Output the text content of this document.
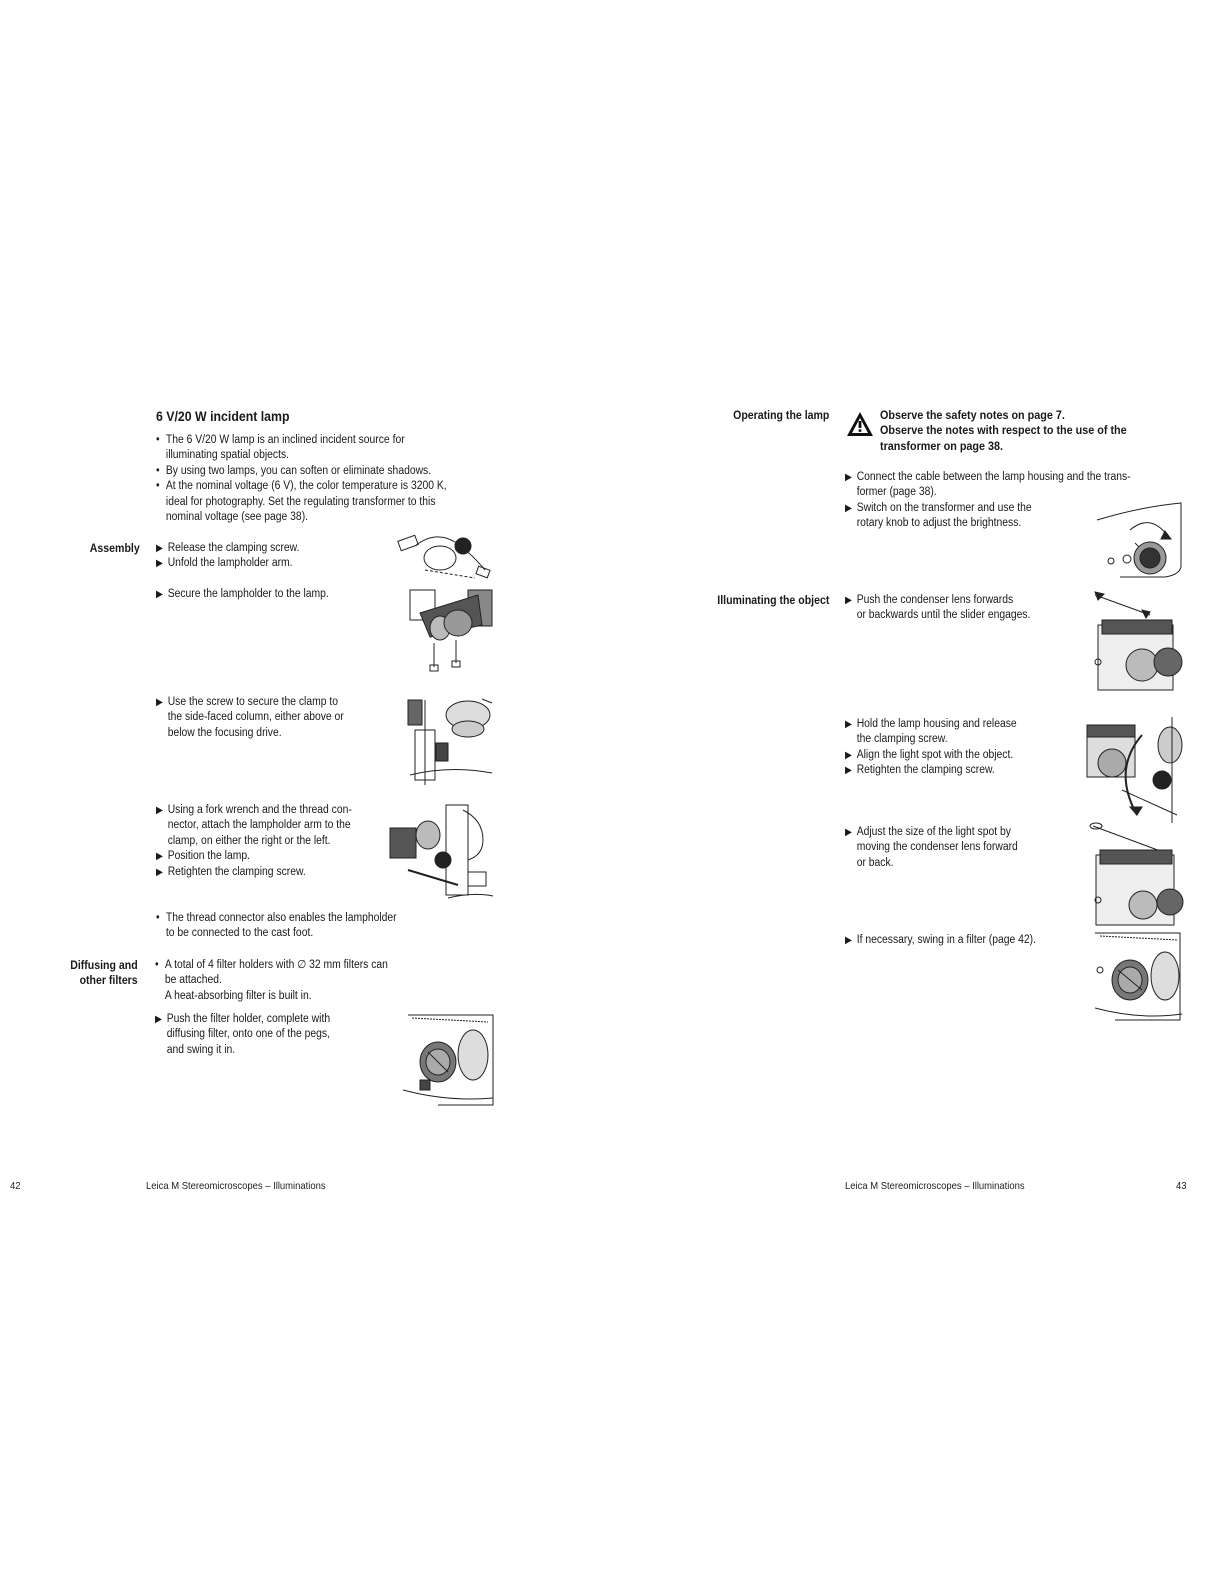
6 V/20 W incident lamp
• The 6 V/20 W lamp is an inclined incident source for
illuminating spatial objects.
• By using two lamps, you can soften or eliminate shadows.
• At the nominal voltage (6 V), the color temperature is 3200 K,
ideal for photography. Set the regulating transformer to this
nominal voltage (see page 38).
Assembly ▶ Release the clamping screw.
▶ Unfold the lampholder arm.
▶ Secure the lampholder to the lamp.
▶ Use the screw to secure the clamp to
the side-faced column, either above or
below the focusing drive.
▶ Using a fork wrench and the thread con-
nector, attach the lampholder arm to the
clamp, on either the right or the left.
▶ Position the lamp.
▶ Retighten the clamping screw.
• The thread connector also enables the lampholder
to be connected to the cast foot.
Diffusing and
other filters
• A total of 4 filter holders with ∅ 32 mm filters can
be attached.
A heat-absorbing filter is built in.
▶ Push the filter holder, complete with
diffusing filter, onto one of the pegs,
and swing it in.
42	Leica M Stereomicroscopes – Illuminations
Operating the lamp	Observe the safety notes on page 7.
Observe the notes with respect to the use of the
transformer on page 38.
▶ Connect the cable between the lamp housing and the trans-
former (page 38).
▶ Switch on the transformer and use the
rotary knob to adjust the brightness.
Illuminating the object ▶ Push the condenser lens forwards
or backwards until the slider engages.
▶ Hold the lamp housing and release
the clamping screw.
▶ Align the light spot with the object.
▶ Retighten the clamping screw.
▶ Adjust the size of the light spot by
moving the condenser lens forward
or back.
▶ If necessary, swing in a filter (page 42).
Leica M Stereomicroscopes – Illuminations	43
